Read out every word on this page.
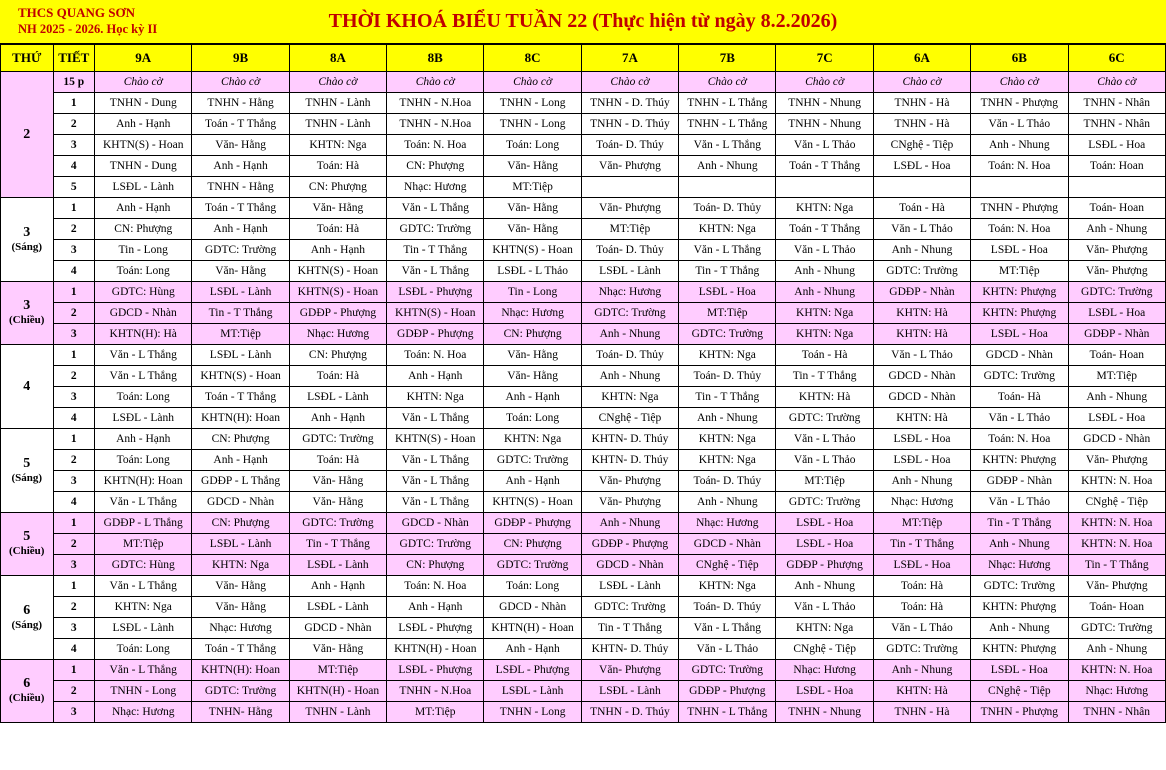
THCS QUANG SƠN
NH 2025 - 2026. Học kỳ II	THỜI KHOÁ BIỂU TUẦN 22 (Thực hiện từ ngày 8.2.2026)
THỨ	TIẾT	9A	9B	8A	8B	8C	7A	7B	7C	6A	6B	6C

2	15 p	Chào cờ	Chào cờ	Chào cờ	Chào cờ	Chào cờ	Chào cờ	Chào cờ	Chào cờ	Chào cờ	Chào cờ	Chào cờ
	1	TNHN - Dung	TNHN - Hằng	TNHN - Lành	TNHN - N.Hoa	TNHN - Long	TNHN - D. Thúy	TNHN - L Thắng	TNHN - Nhung	TNHN - Hà	TNHN - Phượng	TNHN - Nhân
	2	Anh - Hạnh	Toán - T Thắng	TNHN - Lành	TNHN - N.Hoa	TNHN - Long	TNHN - D. Thúy	TNHN - L Thắng	TNHN - Nhung	TNHN - Hà	Văn - L Thảo	TNHN - Nhân
	3	KHTN(S) - Hoan	Văn- Hằng	KHTN: Nga	Toán: N. Hoa	Toán: Long	Toán- D. Thúy	Văn - L Thắng	Văn - L Thảo	CNghệ - Tiệp	Anh - Nhung	LSĐL - Hoa
	4	TNHN - Dung	Anh - Hạnh	Toán: Hà	CN: Phượng	Văn- Hằng	Văn- Phượng	Anh - Nhung	Toán - T Thắng	LSĐL - Hoa	Toán: N. Hoa	Toán: Hoan
	5	LSĐL - Lành	TNHN - Hằng	CN: Phượng	Nhạc: Hương	MT:Tiệp						

3
(Sáng)	1	Anh - Hạnh	Toán - T Thắng	Văn- Hằng	Văn - L Thắng	Văn- Hằng	Văn- Phượng	Toán- D. Thủy	KHTN: Nga	Toán - Hà	TNHN - Phượng	Toán- Hoan
	2	CN: Phượng	Anh - Hạnh	Toán: Hà	GDTC: Trường	Văn- Hằng	MT:Tiệp	KHTN: Nga	Toán - T Thắng	Văn - L Thảo	Toán: N. Hoa	Anh - Nhung
	3	Tin - Long	GDTC: Trường	Anh - Hạnh	Tin - T Thắng	KHTN(S) - Hoan	Toán- D. Thủy	Văn - L Thắng	Văn - L Thảo	Anh - Nhung	LSĐL - Hoa	Văn- Phượng
	4	Toán: Long	Văn- Hằng	KHTN(S) - Hoan	Văn - L Thắng	LSĐL - L Thảo	LSĐL - Lành	Tin - T Thắng	Anh - Nhung	GDTC: Trường	MT:Tiệp	Văn- Phượng

3
(Chiều)	1	GDTC: Hùng	LSĐL - Lành	KHTN(S) - Hoan	LSĐL - Phượng	Tin - Long	Nhạc: Hương	LSĐL - Hoa	Anh - Nhung	GDĐP - Nhàn	KHTN: Phượng	GDTC: Trường
	2	GDCD - Nhàn	Tin - T Thắng	GDĐP - Phượng	KHTN(S) - Hoan	Nhạc: Hương	GDTC: Trường	MT:Tiệp	KHTN: Nga	KHTN: Hà	KHTN: Phượng	LSĐL - Hoa
	3	KHTN(H): Hà	MT:Tiệp	Nhạc: Hương	GDĐP - Phượng	CN: Phượng	Anh - Nhung	GDTC: Trường	KHTN: Nga	KHTN: Hà	LSĐL - Hoa	GDĐP - Nhàn

4	1	Văn - L Thắng	LSĐL - Lành	CN: Phượng	Toán: N. Hoa	Văn- Hằng	Toán- D. Thủy	KHTN: Nga	Toán - Hà	Văn - L Thảo	GDCD - Nhàn	Toán- Hoan
	2	Văn - L Thắng	KHTN(S) - Hoan	Toán: Hà	Anh - Hạnh	Văn- Hằng	Anh - Nhung	Toán- D. Thủy	Tin - T Thắng	GDCD - Nhàn	GDTC: Trường	MT:Tiệp
	3	Toán: Long	Toán - T Thắng	LSĐL - Lành	KHTN: Nga	Anh - Hạnh	KHTN: Nga	Tin - T Thắng	KHTN: Hà	GDCD - Nhàn	Toán- Hà	Anh - Nhung
	4	LSĐL - Lành	KHTN(H): Hoan	Anh - Hạnh	Văn - L Thắng	Toán: Long	CNghệ - Tiệp	Anh - Nhung	GDTC: Trường	KHTN: Hà	Văn - L Thảo	LSĐL - Hoa

5
(Sáng)	1	Anh - Hạnh	CN: Phượng	GDTC: Trường	KHTN(S) - Hoan	KHTN: Nga	KHTN- D. Thúy	KHTN: Nga	Văn - L Thảo	LSĐL - Hoa	Toán: N. Hoa	GDCD - Nhàn
	2	Toán: Long	Anh - Hạnh	Toán: Hà	Văn - L Thắng	GDTC: Trường	KHTN- D. Thúy	KHTN: Nga	Văn - L Thảo	LSĐL - Hoa	KHTN: Phượng	Văn- Phượng
	3	KHTN(H): Hoan	GDĐP - L Thắng	Văn- Hằng	Văn - L Thắng	Anh - Hạnh	Văn- Phượng	Toán- D. Thúy	MT:Tiệp	Anh - Nhung	GDĐP - Nhàn	KHTN: N. Hoa
	4	Văn - L Thắng	GDCD - Nhàn	Văn- Hằng	Văn - L Thắng	KHTN(S) - Hoan	Văn- Phượng	Anh - Nhung	GDTC: Trường	Nhạc: Hương	Văn - L Thảo	CNghệ - Tiệp

5
(Chiều)	1	GDĐP - L Thắng	CN: Phượng	GDTC: Trường	GDCD - Nhàn	GDĐP - Phượng	Anh - Nhung	Nhạc: Hương	LSĐL - Hoa	MT:Tiệp	Tin - T Thắng	KHTN: N. Hoa
	2	MT:Tiệp	LSĐL - Lành	Tin - T Thắng	GDTC: Trường	CN: Phượng	GDĐP - Phượng	GDCD - Nhàn	LSĐL - Hoa	Tin - T Thắng	Anh - Nhung	KHTN: N. Hoa
	3	GDTC: Hùng	KHTN: Nga	LSĐL - Lành	CN: Phượng	GDTC: Trường	GDCD - Nhàn	CNghệ - Tiệp	GDĐP - Phượng	LSĐL - Hoa	Nhạc: Hương	Tin - T Thắng

6
(Sáng)	1	Văn - L Thắng	Văn- Hằng	Anh - Hạnh	Toán: N. Hoa	Toán: Long	LSĐL - Lành	KHTN: Nga	Anh - Nhung	Toán: Hà	GDTC: Trường	Văn- Phượng
	2	KHTN: Nga	Văn- Hằng	LSĐL - Lành	Anh - Hạnh	GDCD - Nhàn	GDTC: Trường	Toán- D. Thúy	Văn - L Thảo	Toán: Hà	KHTN: Phượng	Toán- Hoan
	3	LSĐL - Lành	Nhạc: Hương	GDCD - Nhàn	LSĐL - Phượng	KHTN(H) - Hoan	Tin - T Thắng	Văn - L Thắng	KHTN: Nga	Văn - L Thảo	Anh - Nhung	GDTC: Trường
	4	Toán: Long	Toán - T Thắng	Văn- Hằng	KHTN(H) - Hoan	Anh - Hạnh	KHTN- D. Thúy	Văn - L Thảo	CNghệ - Tiệp	GDTC: Trường	KHTN: Phượng	Anh - Nhung

6
(Chiều)	1	Văn - L Thắng	KHTN(H): Hoan	MT:Tiệp	LSĐL - Phượng	LSĐL - Phượng	Văn- Phượng	GDTC: Trường	Nhạc: Hương	Anh - Nhung	LSĐL - Hoa	KHTN: N. Hoa
	2	TNHN - Long	GDTC: Trường	KHTN(H) - Hoan	TNHN - N.Hoa	LSĐL - Lành	LSĐL - Lành	GDĐP - Phượng	LSĐL - Hoa	KHTN: Hà	CNghệ - Tiệp	Nhạc: Hương
	3	Nhạc: Hương	TNHN- Hằng	TNHN - Lành	MT:Tiệp	TNHN - Long	TNHN - D. Thúy	TNHN - L Thắng	TNHN - Nhung	TNHN - Hà	TNHN - Phượng	TNHN - Nhân
